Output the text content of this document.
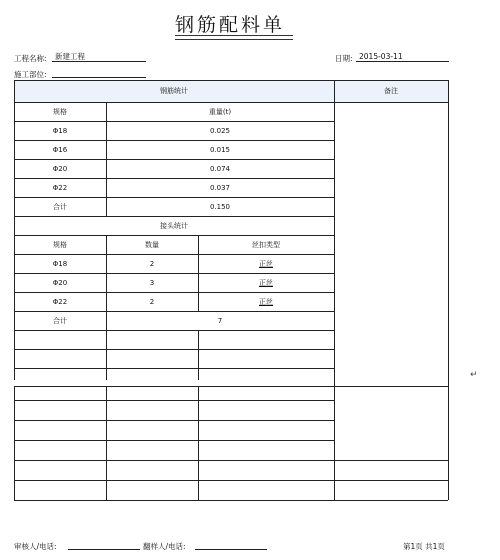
钢筋配料单
工程名称:	新建工程	日期: 2015-03-11
施工部位:
钢筋统计	备注
规格	重量(t)
Φ18	0.025
Φ16	0.015
Φ20	0.074
Φ22	0.037
合计	0.150
接头统计
规格	数量	丝扣类型
Φ18	2	正丝
Φ20	3	正丝
Φ22	2	正丝
合计	7
↵
审核人/电话:	翻样人/电话:	第1页 共1页
